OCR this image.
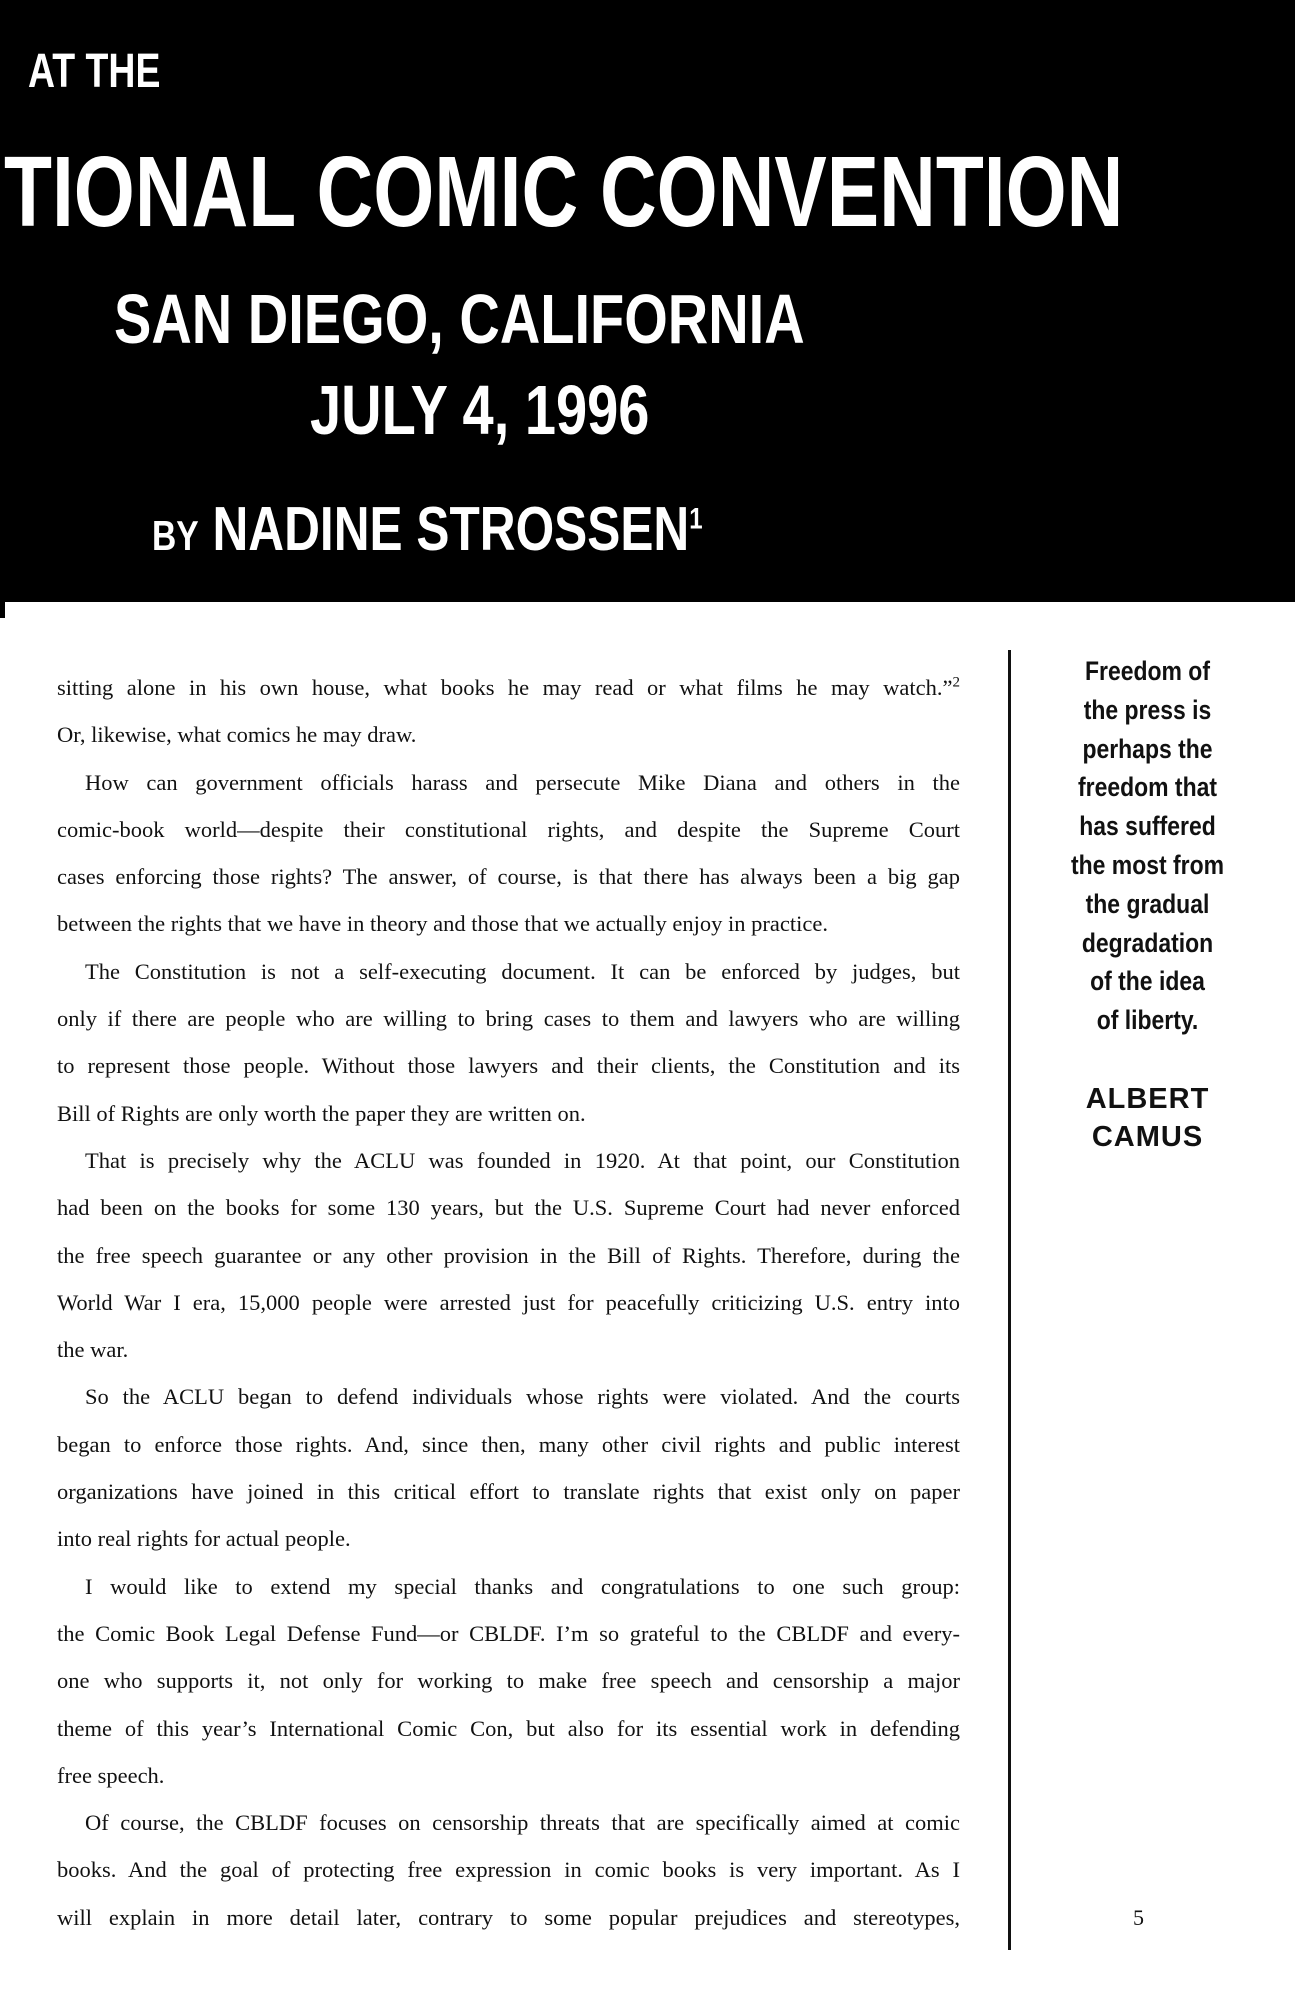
AT THE
TIONAL COMIC CONVENTION
SAN DIEGO, CALIFORNIA
JULY 4, 1996
BY NADINE STROSSEN$^1$
sitting alone in his own house, what books he may read or what films he may watch.”$^2$
Or, likewise, what comics he may draw.
How can government officials harass and persecute Mike Diana and others in the
comic-book world—despite their constitutional rights, and despite the Supreme Court
cases enforcing those rights? The answer, of course, is that there has always been a big gap
between the rights that we have in theory and those that we actually enjoy in practice.
The Constitution is not a self-executing document. It can be enforced by judges, but
only if there are people who are willing to bring cases to them and lawyers who are willing
to represent those people. Without those lawyers and their clients, the Constitution and its
Bill of Rights are only worth the paper they are written on.
That is precisely why the ACLU was founded in 1920. At that point, our Constitution
had been on the books for some 130 years, but the U.S. Supreme Court had never enforced
the free speech guarantee or any other provision in the Bill of Rights. Therefore, during the
World War I era, 15,000 people were arrested just for peacefully criticizing U.S. entry into
the war.
So the ACLU began to defend individuals whose rights were violated. And the courts
began to enforce those rights. And, since then, many other civil rights and public interest
organizations have joined in this critical effort to translate rights that exist only on paper
into real rights for actual people.
I would like to extend my special thanks and congratulations to one such group:
the Comic Book Legal Defense Fund—or CBLDF. I’m so grateful to the CBLDF and every-
one who supports it, not only for working to make free speech and censorship a major
theme of this year’s International Comic Con, but also for its essential work in defending
free speech.
Of course, the CBLDF focuses on censorship threats that are specifically aimed at comic
books. And the goal of protecting free expression in comic books is very important. As I
will explain in more detail later, contrary to some popular prejudices and stereotypes,
Freedom of
the press is
perhaps the
freedom that
has suffered
the most from
the gradual
degradation
of the idea
of liberty.
ALBERT
CAMUS
5
